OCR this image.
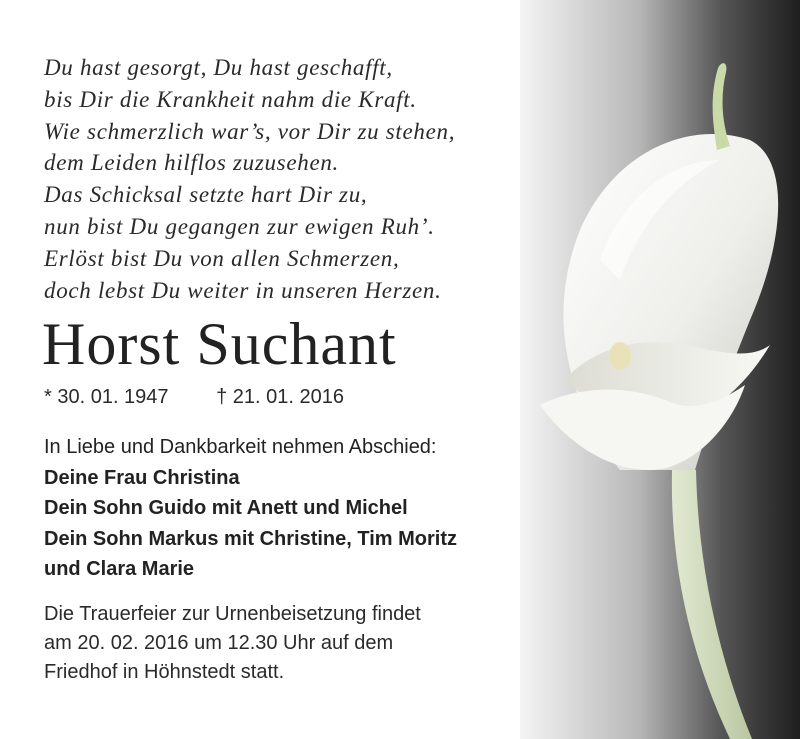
Du hast gesorgt, Du hast geschafft,
bis Dir die Krankheit nahm die Kraft.
Wie schmerzlich war’s, vor Dir zu stehen,
dem Leiden hilflos zuzusehen.
Das Schicksal setzte hart Dir zu,
nun bist Du gegangen zur ewigen Ruh’.
Erlöst bist Du von allen Schmerzen,
doch lebst Du weiter in unseren Herzen.
Horst Suchant
* 30. 01. 1947 † 21. 01. 2016
In Liebe und Dankbarkeit nehmen Abschied:
Deine Frau Christina
Dein Sohn Guido mit Anett und Michel
Dein Sohn Markus mit Christine, Tim Moritz
und Clara Marie
Die Trauerfeier zur Urnenbeisetzung findet
am 20. 02. 2016 um 12.30 Uhr auf dem
Friedhof in Höhnstedt statt.
